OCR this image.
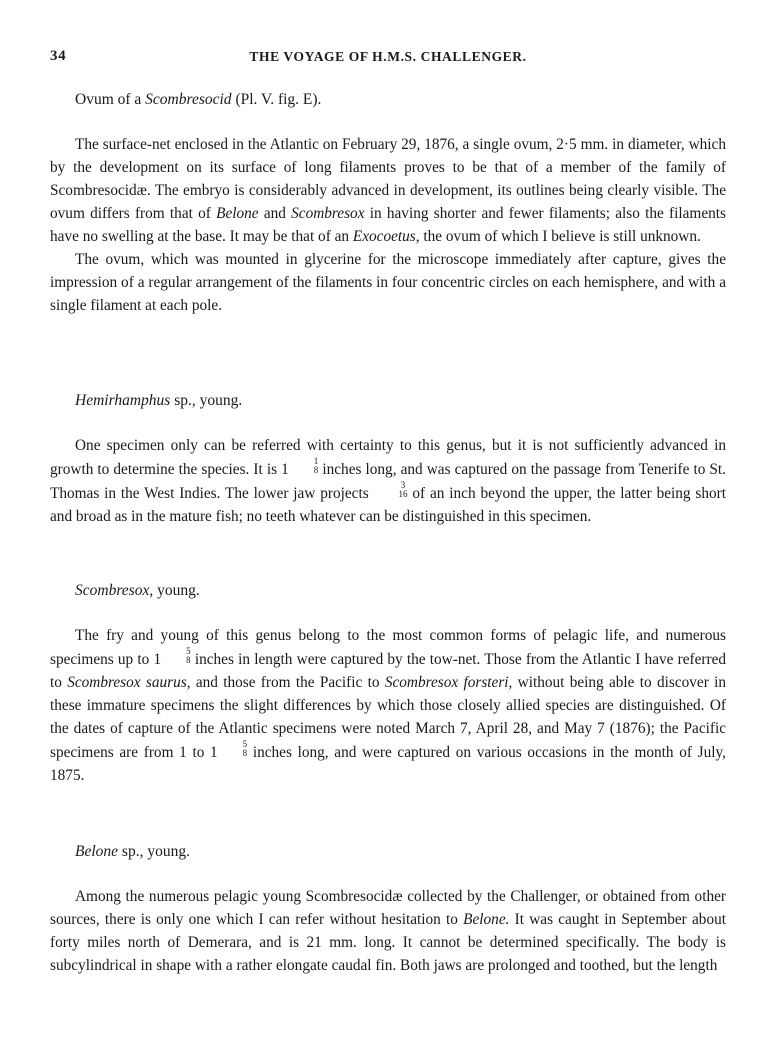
34	THE VOYAGE OF H.M.S. CHALLENGER.

Ovum of a Scombresocid (Pl. V. fig. E).

The surface-net enclosed in the Atlantic on February 29, 1876, a single ovum, 2·5 mm. in diameter, which by the development on its surface of long filaments proves to be that of a member of the family of Scombresocidæ. The embryo is considerably advanced in development, its outlines being clearly visible. The ovum differs from that of Belone and Scombresox in having shorter and fewer filaments; also the filaments have no swelling at the base. It may be that of an Exocoetus, the ovum of which I believe is still unknown.

The ovum, which was mounted in glycerine for the microscope immediately after capture, gives the impression of a regular arrangement of the filaments in four concentric circles on each hemisphere, and with a single filament at each pole.

Hemirhamphus sp., young.

One specimen only can be referred with certainty to this genus, but it is not sufficiently advanced in growth to determine the species. It is 1	1
8 inches long, and was captured on the passage from Tenerife to St. Thomas in the West Indies. The lower jaw projects	3
16 of an inch beyond the upper, the latter being short and broad as in the mature fish; no teeth whatever can be distinguished in this specimen.

Scombresox, young.

The fry and young of this genus belong to the most common forms of pelagic life, and numerous specimens up to 1	5
8 inches in length were captured by the tow-net. Those from the Atlantic I have referred to Scombresox saurus, and those from the Pacific to Scombresox forsteri, without being able to discover in these immature specimens the slight differences by which those closely allied species are distinguished. Of the dates of capture of the Atlantic specimens were noted March 7, April 28, and May 7 (1876); the Pacific specimens are from 1 to 1	5
8 inches long, and were captured on various occasions in the month of July, 1875.

Belone sp., young.

Among the numerous pelagic young Scombresocidæ collected by the Challenger, or obtained from other sources, there is only one which I can refer without hesitation to Belone. It was caught in September about forty miles north of Demerara, and is 21 mm. long. It cannot be determined specifically. The body is subcylindrical in shape with a rather elongate caudal fin. Both jaws are prolonged and toothed, but the length
